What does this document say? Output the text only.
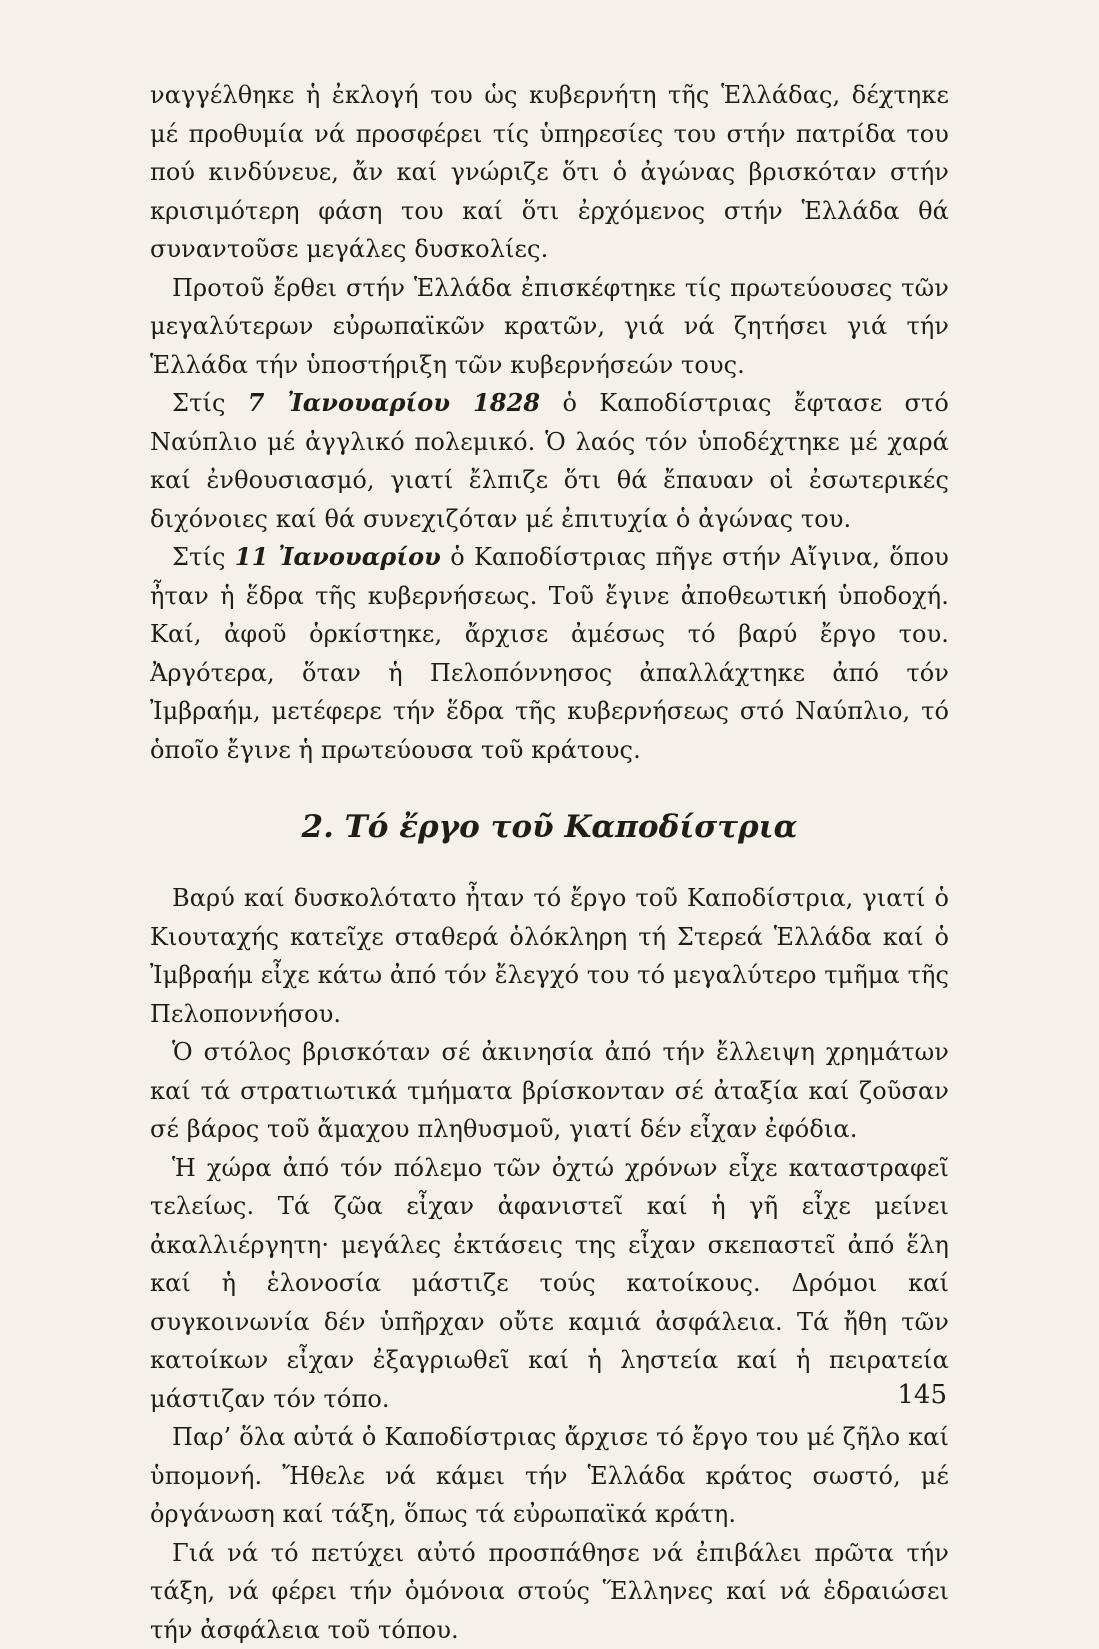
ναγγέλθηκε ἡ ἐκλογή του ὡς κυβερνήτη τῆς Ἑλλάδας, δέχτηκε μέ προθυμία νά προσφέρει τίς ὑπηρεσίες του στήν πατρίδα του πού κινδύνευε, ἄν καί γνώριζε ὅτι ὁ ἀγώνας βρισκόταν στήν κρισιμότερη φάση του καί ὅτι ἐρχόμενος στήν Ἑλλάδα θά συναντοῦσε μεγάλες δυσκολίες.

Προτοῦ ἔρθει στήν Ἑλλάδα ἐπισκέφτηκε τίς πρωτεύουσες τῶν μεγαλύτερων εὐρωπαϊκῶν κρατῶν, γιά νά ζητήσει γιά τήν Ἑλλάδα τήν ὑποστήριξη τῶν κυβερνήσεών τους.

Στίς 7 Ἰανουαρίου 1828 ὁ Καποδίστριας ἔφτασε στό Ναύπλιο μέ ἀγγλικό πολεμικό. Ὁ λαός τόν ὑποδέχτηκε μέ χαρά καί ἐνθουσιασμό, γιατί ἔλπιζε ὅτι θά ἔπαυαν οἱ ἐσωτερικές διχόνοιες καί θά συνεχιζόταν μέ ἐπιτυχία ὁ ἀγώνας του.

Στίς 11 Ἰανουαρίου ὁ Καποδίστριας πῆγε στήν Αἴγινα, ὅπου ἦταν ἡ ἕδρα τῆς κυβερνήσεως. Τοῦ ἔγινε ἀποθεωτική ὑποδοχή. Καί, ἀφοῦ ὁρκίστηκε, ἄρχισε ἀμέσως τό βαρύ ἔργο του. Ἀργότερα, ὅταν ἡ Πελοπόννησος ἀπαλλάχτηκε ἀπό τόν Ἰμβραήμ, μετέφερε τήν ἕδρα τῆς κυβερνήσεως στό Ναύπλιο, τό ὁποῖο ἔγινε ἡ πρωτεύουσα τοῦ κράτους.

2. Τό ἔργο τοῦ Καποδίστρια

Βαρύ καί δυσκολότατο ἦταν τό ἔργο τοῦ Καποδίστρια, γιατί ὁ Κιουταχής κατεῖχε σταθερά ὁλόκληρη τή Στερεά Ἑλλάδα καί ὁ Ἰμβραήμ εἶχε κάτω ἀπό τόν ἔλεγχό του τό μεγαλύτερο τμῆμα τῆς Πελοποννήσου.

Ὁ στόλος βρισκόταν σέ ἀκινησία ἀπό τήν ἔλλειψη χρημάτων καί τά στρατιωτικά τμήματα βρίσκονταν σέ ἀταξία καί ζοῦσαν σέ βάρος τοῦ ἄμαχου πληθυσμοῦ, γιατί δέν εἶχαν ἐφόδια.

Ἡ χώρα ἀπό τόν πόλεμο τῶν ὀχτώ χρόνων εἶχε καταστραφεῖ τελείως. Τά ζῶα εἶχαν ἀφανιστεῖ καί ἡ γῆ εἶχε μείνει ἀκαλλιέργητη· μεγάλες ἐκτάσεις της εἶχαν σκεπαστεῖ ἀπό ἕλη καί ἡ ἑλονοσία μάστιζε τούς κατοίκους. Δρόμοι καί συγκοινωνία δέν ὑπῆρχαν οὔτε καμιά ἀσφάλεια. Τά ἤθη τῶν κατοίκων εἶχαν ἐξαγριωθεῖ καί ἡ ληστεία καί ἡ πειρατεία μάστιζαν τόν τόπο.

Παρ’ ὅλα αὐτά ὁ Καποδίστριας ἄρχισε τό ἔργο του μέ ζῆλο καί ὑπομονή. Ἤθελε νά κάμει τήν Ἑλλάδα κράτος σωστό, μέ ὀργάνωση καί τάξη, ὅπως τά εὐρωπαϊκά κράτη.

Γιά νά τό πετύχει αὐτό προσπάθησε νά ἐπιβάλει πρῶτα τήν τάξη, νά φέρει τήν ὁμόνοια στούς Ἕλληνες καί νά ἑδραιώσει τήν ἀσφάλεια τοῦ τόπου.

145
